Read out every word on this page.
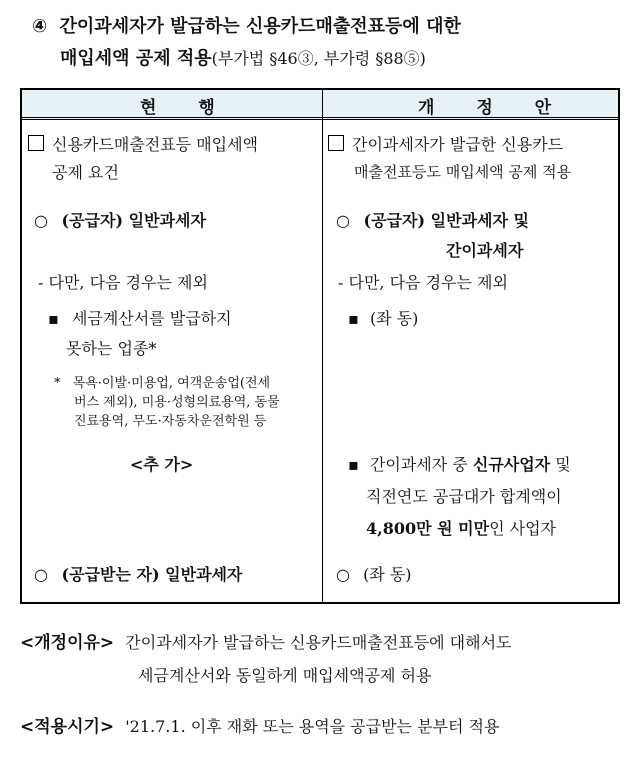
④ 간이과세자가 발급하는 신용카드매출전표등에 대한
매입세액 공제 적용(부가법 §46③, 부가령 §88⑤)
현 행	개 정 안
신용카드매출전표등 매입세액
공제 요건
○ (공급자) 일반과세자
- 다만, 다음 경우는 제외
▪ 세금계산서를 발급하지
못하는 업종*
* 목욕·이발·미용업, 여객운송업(전세
버스 제외), 미용·성형의료용역, 동물
진료용역, 무도·자동차운전학원 등
<추 가>
○ (공급받는 자) 일반과세자
간이과세자가 발급한 신용카드
매출전표등도 매입세액 공제 적용
○ (공급자) 일반과세자 및
간이과세자
- 다만, 다음 경우는 제외
▪ (좌 동)
▪ 간이과세자 중 신규사업자 및
직전연도 공급대가 합계액이
4,800만 원 미만인 사업자
○ (좌 동)
<개정이유> 간이과세자가 발급하는 신용카드매출전표등에 대해서도
세금계산서와 동일하게 매입세액공제 허용
<적용시기> '21.7.1. 이후 재화 또는 용역을 공급받는 분부터 적용
